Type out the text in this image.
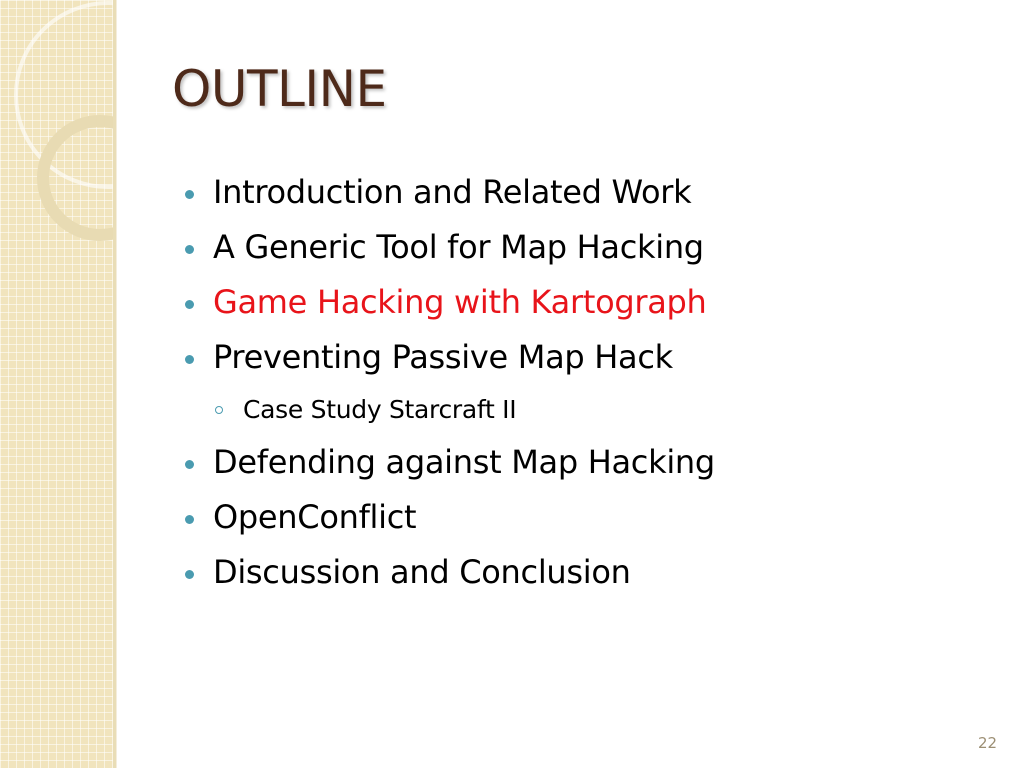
OUTLINE
Introduction and Related Work
A Generic Tool for Map Hacking
Game Hacking with Kartograph
Preventing Passive Map Hack
Case Study Starcraft II
Defending against Map Hacking
OpenConflict
Discussion and Conclusion
22
